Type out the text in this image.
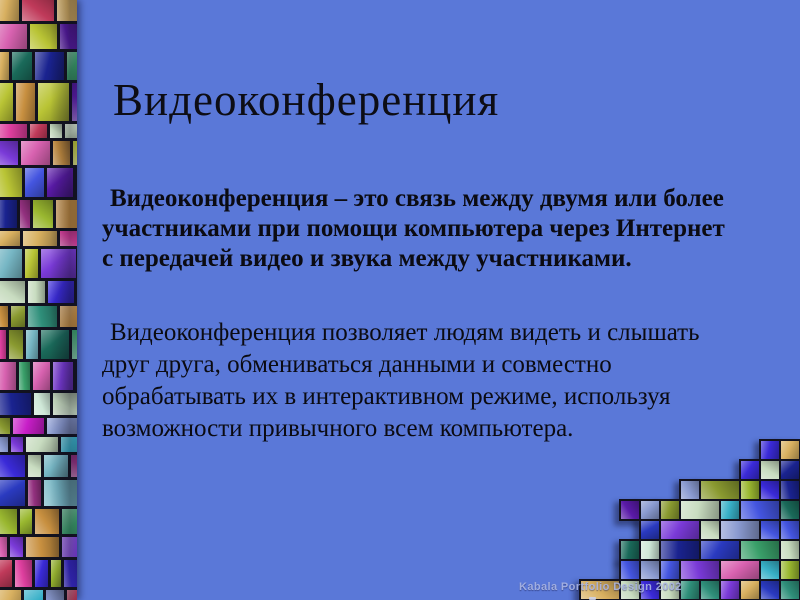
Видеоконференция
Видеоконференция – это связь между двумя или более
участниками при помощи компьютера через Интернет
с передачей видео и звука между участниками.
Видеоконференция позволяет людям видеть и слышать
друг друга, обмениваться данными и совместно
обрабатывать их в интерактивном режиме, используя
возможности привычного всем компьютера.
Kabala Portfolio Design 2002
